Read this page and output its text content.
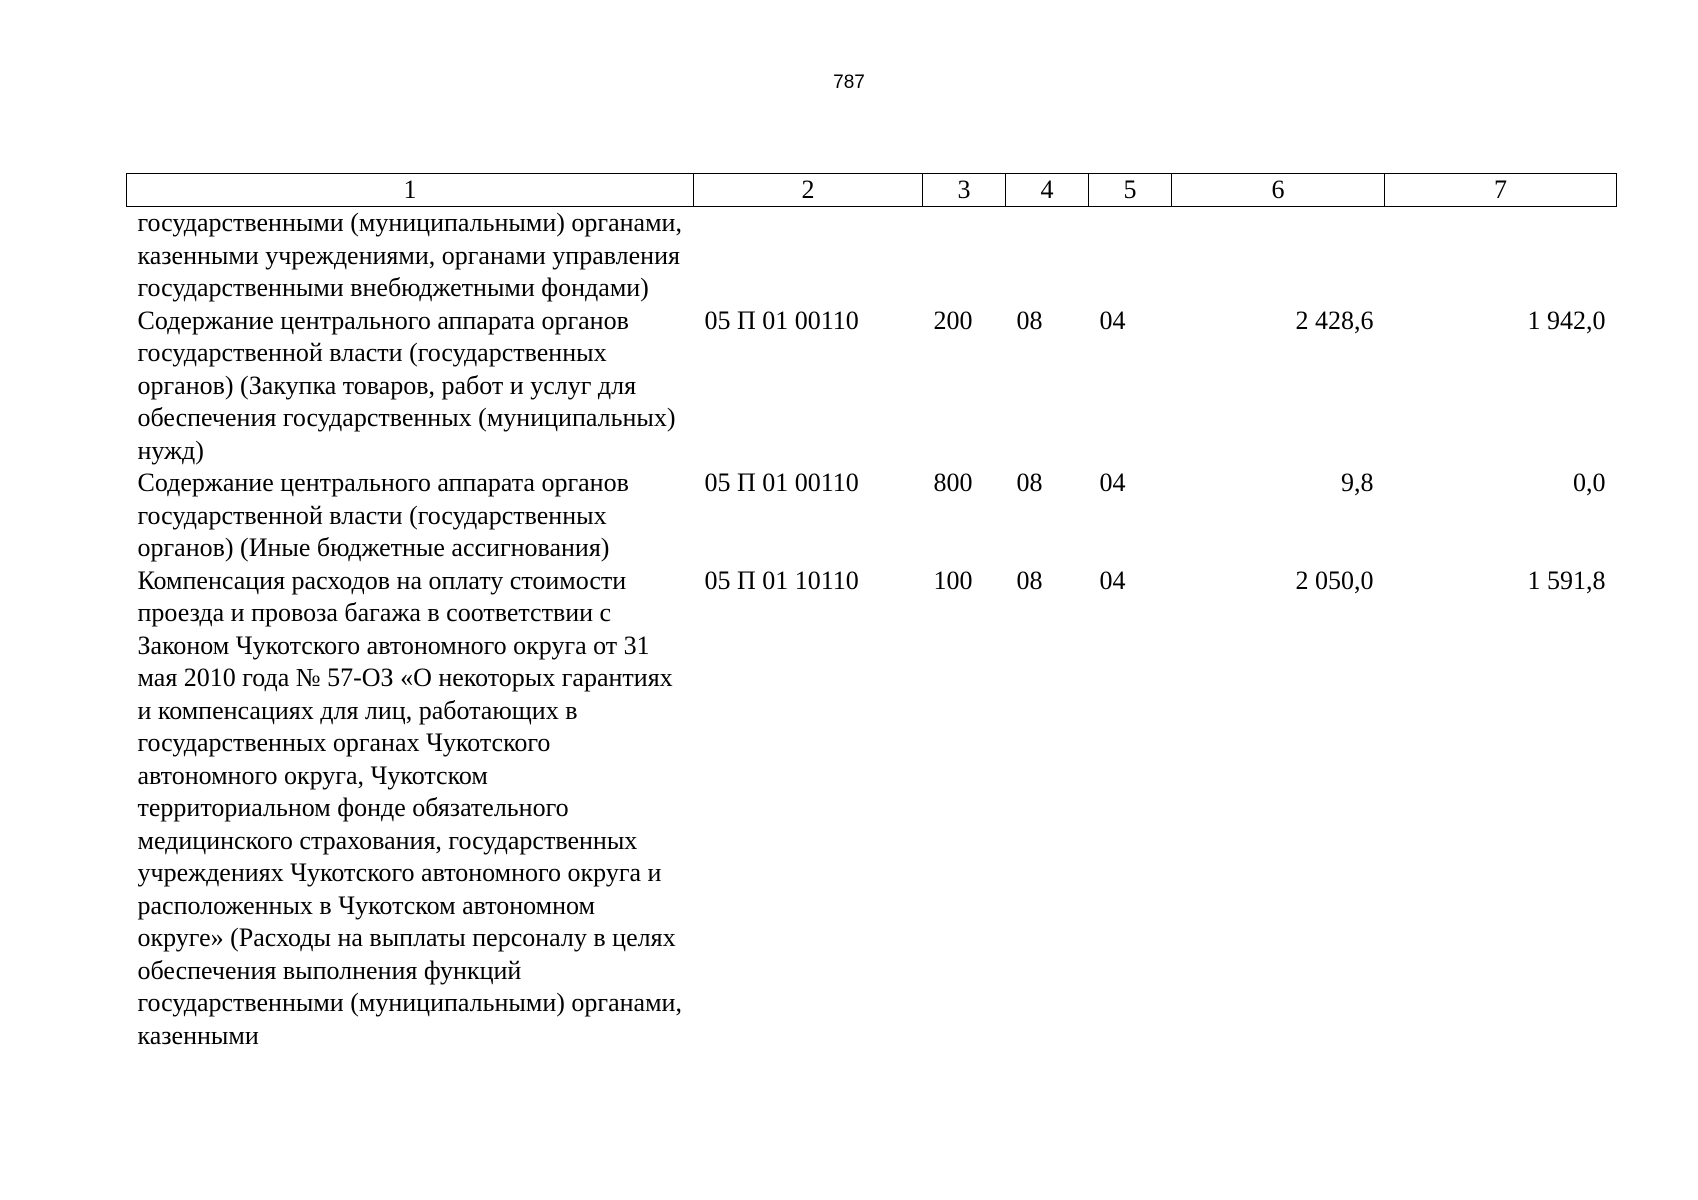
787
1	2	3	4	5	6	7
государственными (муниципальными) органами, казенными учреждениями, органами управления государственными внебюджетными фондами)						
Содержание центрального аппарата органов государственной власти (государственных органов) (Закупка товаров, работ и услуг для обеспечения государственных (муниципальных) нужд)	05 П 01 00110	200	08	04	2 428,6	1 942,0
Содержание центрального аппарата органов государственной власти (государственных органов) (Иные бюджетные ассигнования)	05 П 01 00110	800	08	04	9,8	0,0
Компенсация расходов на оплату стоимости проезда и провоза багажа в соответствии с Законом Чукотского автономного округа от 31 мая 2010 года № 57-ОЗ «О некоторых гарантиях и компенсациях для лиц, работающих в государственных органах Чукотского автономного округа, Чукотском территориальном фонде обязательного медицинского страхования, государственных учреждениях Чукотского автономного округа и расположенных в Чукотском автономном округе» (Расходы на выплаты персоналу в целях обеспечения выполнения функций государственными (муниципальными) органами, казенными	05 П 01 10110	100	08	04	2 050,0	1 591,8
